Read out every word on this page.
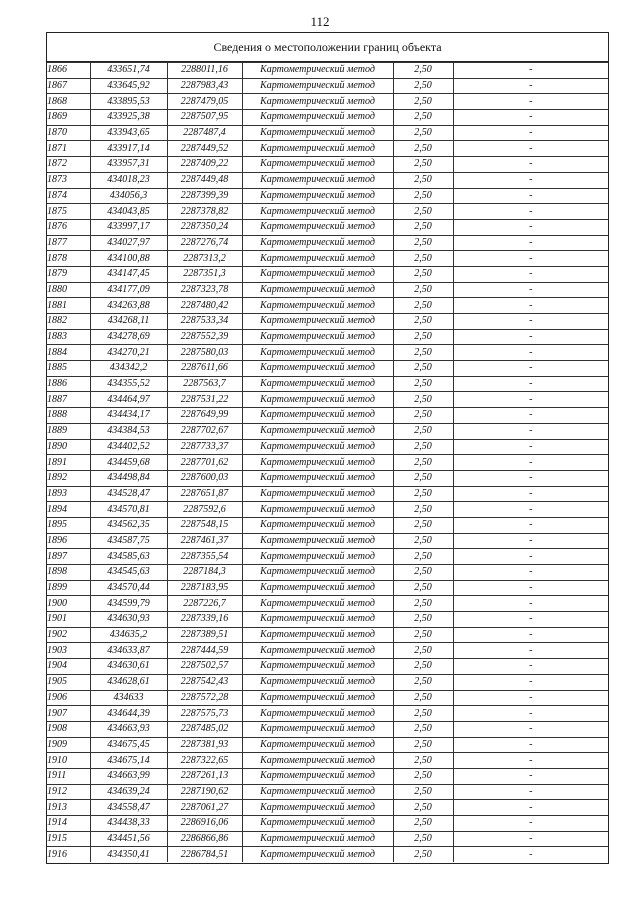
112
Сведения о местоположении границ объекта
1866	433651,74	2288011,16	Картометрический метод	2,50	-
1867	433645,92	2287983,43	Картометрический метод	2,50	-
1868	433895,53	2287479,05	Картометрический метод	2,50	-
1869	433925,38	2287507,95	Картометрический метод	2,50	-
1870	433943,65	2287487,4	Картометрический метод	2,50	-
1871	433917,14	2287449,52	Картометрический метод	2,50	-
1872	433957,31	2287409,22	Картометрический метод	2,50	-
1873	434018,23	2287449,48	Картометрический метод	2,50	-
1874	434056,3	2287399,39	Картометрический метод	2,50	-
1875	434043,85	2287378,82	Картометрический метод	2,50	-
1876	433997,17	2287350,24	Картометрический метод	2,50	-
1877	434027,97	2287276,74	Картометрический метод	2,50	-
1878	434100,88	2287313,2	Картометрический метод	2,50	-
1879	434147,45	2287351,3	Картометрический метод	2,50	-
1880	434177,09	2287323,78	Картометрический метод	2,50	-
1881	434263,88	2287480,42	Картометрический метод	2,50	-
1882	434268,11	2287533,34	Картометрический метод	2,50	-
1883	434278,69	2287552,39	Картометрический метод	2,50	-
1884	434270,21	2287580,03	Картометрический метод	2,50	-
1885	434342,2	2287611,66	Картометрический метод	2,50	-
1886	434355,52	2287563,7	Картометрический метод	2,50	-
1887	434464,97	2287531,22	Картометрический метод	2,50	-
1888	434434,17	2287649,99	Картометрический метод	2,50	-
1889	434384,53	2287702,67	Картометрический метод	2,50	-
1890	434402,52	2287733,37	Картометрический метод	2,50	-
1891	434459,68	2287701,62	Картометрический метод	2,50	-
1892	434498,84	2287600,03	Картометрический метод	2,50	-
1893	434528,47	2287651,87	Картометрический метод	2,50	-
1894	434570,81	2287592,6	Картометрический метод	2,50	-
1895	434562,35	2287548,15	Картометрический метод	2,50	-
1896	434587,75	2287461,37	Картометрический метод	2,50	-
1897	434585,63	2287355,54	Картометрический метод	2,50	-
1898	434545,63	2287184,3	Картометрический метод	2,50	-
1899	434570,44	2287183,95	Картометрический метод	2,50	-
1900	434599,79	2287226,7	Картометрический метод	2,50	-
1901	434630,93	2287339,16	Картометрический метод	2,50	-
1902	434635,2	2287389,51	Картометрический метод	2,50	-
1903	434633,87	2287444,59	Картометрический метод	2,50	-
1904	434630,61	2287502,57	Картометрический метод	2,50	-
1905	434628,61	2287542,43	Картометрический метод	2,50	-
1906	434633	2287572,28	Картометрический метод	2,50	-
1907	434644,39	2287575,73	Картометрический метод	2,50	-
1908	434663,93	2287485,02	Картометрический метод	2,50	-
1909	434675,45	2287381,93	Картометрический метод	2,50	-
1910	434675,14	2287322,65	Картометрический метод	2,50	-
1911	434663,99	2287261,13	Картометрический метод	2,50	-
1912	434639,24	2287190,62	Картометрический метод	2,50	-
1913	434558,47	2287061,27	Картометрический метод	2,50	-
1914	434438,33	2286916,06	Картометрический метод	2,50	-
1915	434451,56	2286866,86	Картометрический метод	2,50	-
1916	434350,41	2286784,51	Картометрический метод	2,50	-
